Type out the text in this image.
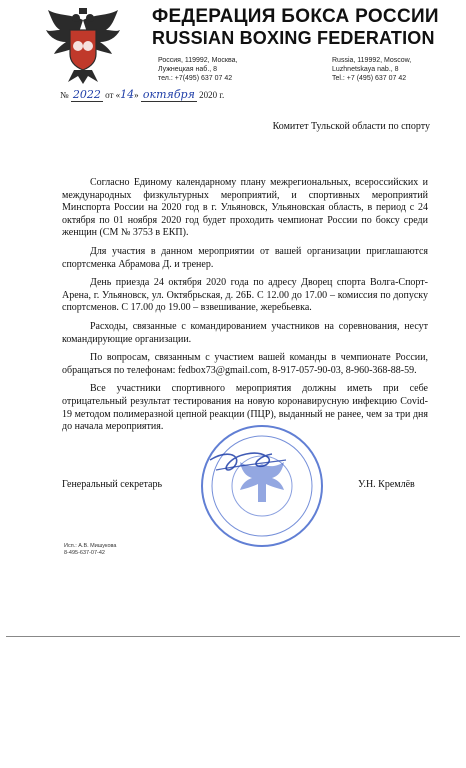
ФЕДЕРАЦИЯ БОКСА РОССИИ
RUSSIAN BOXING FEDERATION
Россия, 119992, Москва,
Лужнецкая наб., 8
тел.: +7(495) 637 07 42
Russia, 119992, Moscow,
Luzhnetskaya nab., 8
Tel.: +7 (495) 637 07 42
№ 2022 от «14» октября 2020 г.
Комитет Тульской области по спорту

Согласно Единому календарному плану межрегиональных, всероссийских и международных физкультурных мероприятий, и спортивных мероприятий Минспорта России на 2020 год в г. Ульяновск, Ульяновская область, в период с 24 октября по 01 ноября 2020 год будет проходить чемпионат России по боксу среди женщин (СМ № 3753 в ЕКП).

Для участия в данном мероприятии от вашей организации приглашаются спортсменка Абрамова Д. и тренер.

День приезда 24 октября 2020 года по адресу Дворец спорта Волга-Спорт-Арена, г. Ульяновск, ул. Октябрьская, д. 26Б. С 12.00 до 17.00 – комиссия по допуску спортсменов. С 17.00 до 19.00 – взвешивание, жеребьевка.

Расходы, связанные с командированием участников на соревнования, несут командирующие организации.

По вопросам, связанным с участием вашей команды в чемпионате России, обращаться по телефонам: fedbox73@gmail.com, 8-917-057-90-03, 8-960-368-88-59.

Все участники спортивного мероприятия должны иметь при себе отрицательный результат тестирования на новую коронавирусную инфекцию Covid-19 методом полимеразной цепной реакции (ПЦР), выданный не ранее, чем за три дня до начала мероприятия.

Генеральный секретарь	У.Н. Кремлёв
Исп.: А.В. Мишукова
8-495-637-07-42
